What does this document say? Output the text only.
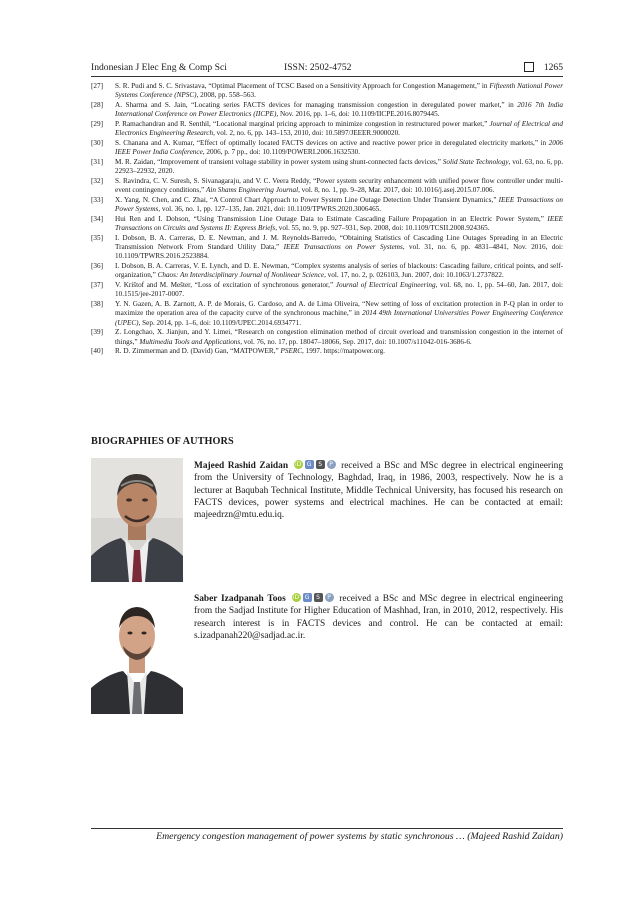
Indonesian J Elec Eng & Comp Sci	ISSN: 2502-4752	1265
[27]	S. R. Pudi and S. C. Srivastava, “Optimal Placement of TCSC Based on a Sensitivity Approach for Congestion Management,” in Fifteenth National Power Systems Conference (NPSC), 2008, pp. 558–563.
[28]	A. Sharma and S. Jain, “Locating series FACTS devices for managing transmission congestion in deregulated power market,” in 2016 7th India International Conference on Power Electronics (IICPE), Nov. 2016, pp. 1–6, doi: 10.1109/IICPE.2016.8079445.
[29]	P. Ramachandran and R. Senthil, “Locational marginal pricing approach to minimize congestion in restructured power market,” Journal of Electrical and Electronics Engineering Research, vol. 2, no. 6, pp. 143–153, 2010, doi: 10.5897/JEEER.9000020.
[30]	S. Chanana and A. Kumar, “Effect of optimally located FACTS devices on active and reactive power price in deregulated electricity markets,” in 2006 IEEE Power India Conference, 2006, p. 7 pp., doi: 10.1109/POWERI.2006.1632530.
[31]	M. R. Zaidan, “Improvement of transient voltage stability in power system using shunt-connected facts devices,” Solid State Technology, vol. 63, no. 6, pp. 22923–22932, 2020.
[32]	S. Ravindra, C. V. Suresh, S. Sivanagaraju, and V. C. Veera Reddy, “Power system security enhancement with unified power flow controller under multi-event contingency conditions,” Ain Shams Engineering Journal, vol. 8, no. 1, pp. 9–28, Mar. 2017, doi: 10.1016/j.asej.2015.07.006.
[33]	X. Yang, N. Chen, and C. Zhai, “A Control Chart Approach to Power System Line Outage Detection Under Transient Dynamics,” IEEE Transactions on Power Systems, vol. 36, no. 1, pp. 127–135, Jan. 2021, doi: 10.1109/TPWRS.2020.3006465.
[34]	Hui Ren and I. Dobson, “Using Transmission Line Outage Data to Estimate Cascading Failure Propagation in an Electric Power System,” IEEE Transactions on Circuits and Systems II: Express Briefs, vol. 55, no. 9, pp. 927–931, Sep. 2008, doi: 10.1109/TCSII.2008.924365.
[35]	I. Dobson, B. A. Carreras, D. E. Newman, and J. M. Reynolds-Barredo, “Obtaining Statistics of Cascading Line Outages Spreading in an Electric Transmission Network From Standard Utility Data,” IEEE Transactions on Power Systems, vol. 31, no. 6, pp. 4831–4841, Nov. 2016, doi: 10.1109/TPWRS.2016.2523884.
[36]	I. Dobson, B. A. Carreras, V. E. Lynch, and D. E. Newman, “Complex systems analysis of series of blackouts: Cascading failure, critical points, and self-organization,” Chaos: An Interdisciplinary Journal of Nonlinear Science, vol. 17, no. 2, p. 026103, Jun. 2007, doi: 10.1063/1.2737822.
[37]	V. Krištof and M. Mešter, “Loss of excitation of synchronous generator,” Journal of Electrical Engineering, vol. 68, no. 1, pp. 54–60, Jan. 2017, doi: 10.1515/jee-2017-0007.
[38]	Y. N. Gazen, A. B. Zarnott, A. P. de Morais, G. Cardoso, and A. de Lima Oliveira, “New setting of loss of excitation protection in P-Q plan in order to maximize the operation area of the capacity curve of the synchronous machine,” in 2014 49th International Universities Power Engineering Conference (UPEC), Sep. 2014, pp. 1–6, doi: 10.1109/UPEC.2014.6934771.
[39]	Z. Longchao, X. Jianjun, and Y. Limei, “Research on congestion elimination method of circuit overload and transmission congestion in the internet of things,” Multimedia Tools and Applications, vol. 76, no. 17, pp. 18047–18066, Sep. 2017, doi: 10.1007/s11042-016-3686-6.
[40]	R. D. Zimmerman and D. (David) Gan, “MATPOWER,” PSERC, 1997. https://matpower.org.
BIOGRAPHIES OF AUTHORS
Majeed Rashid Zaidan iD G	S	P received a BSc and MSc degree in electrical engineering from the University of Technology, Baghdad, Iraq, in 1986, 2003, respectively. Now he is a lecturer at Baqubah Technical Institute, Middle Technical University, has focused his research on FACTS devices, power systems and electrical machines. He can be contacted at email: majeedrzn@mtu.edu.iq.
Saber Izadpanah Toos iD G	S	P received a BSc and MSc degree in electrical engineering from the Sadjad Institute for Higher Education of Mashhad, Iran, in 2010, 2012, respectively. His research interest is in FACTS devices and control. He can be contacted at email: s.izadpanah220@sadjad.ac.ir.
Emergency congestion management of power systems by static synchronous … (Majeed Rashid Zaidan)
